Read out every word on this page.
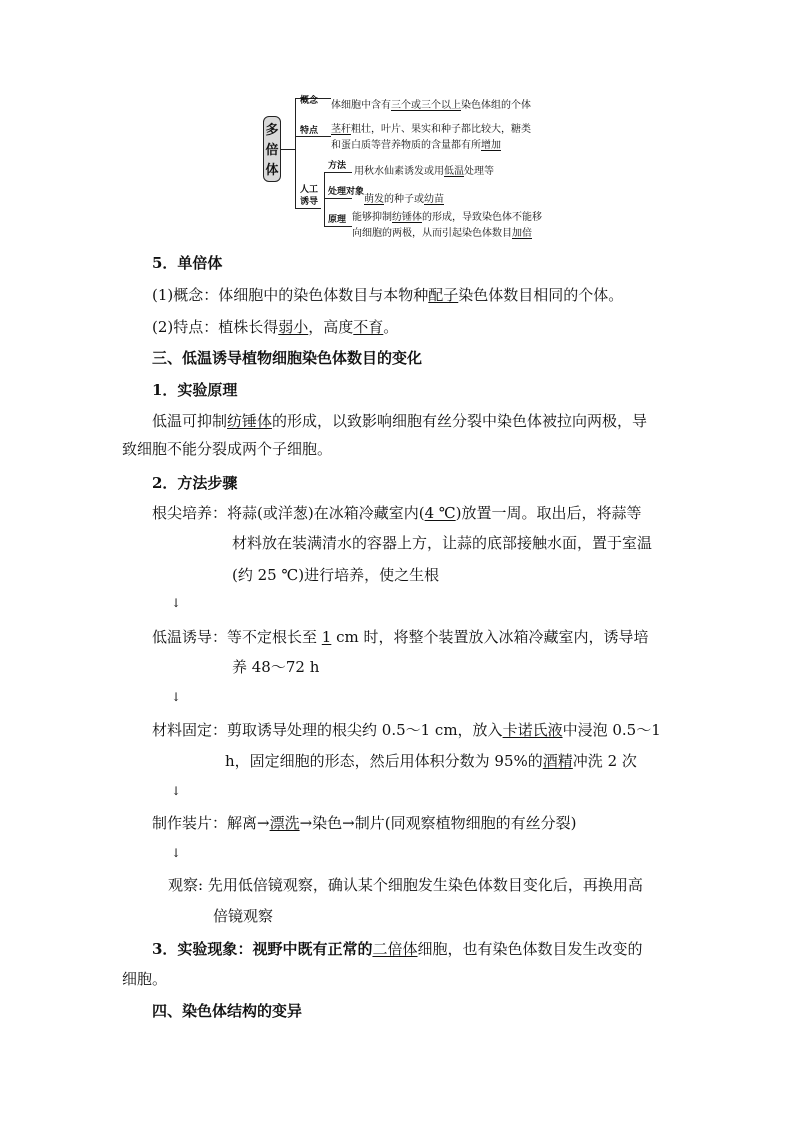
多
倍
体
概念 体细胞中含有三个或三个以上染色体组的个体
特点 茎秆粗壮，叶片、果实和种子都比较大，糖类
和蛋白质等营养物质的含量都有所增加
人工诱导
方法 用秋水仙素诱发或用低温处理等
处理对象
萌发的种子或幼苗
原理 能够抑制纺锤体的形成，导致染色体不能移
向细胞的两极，从而引起染色体数目加倍
5．单倍体
(1)概念：体细胞中的染色体数目与本物种配子染色体数目相同的个体。
(2)特点：植株长得弱小，高度不育。
三、低温诱导植物细胞染色体数目的变化
1．实验原理
低温可抑制纺锤体的形成，以致影响细胞有丝分裂中染色体被拉向两极，导
致细胞不能分裂成两个子细胞。
2．方法步骤
根尖培养：将蒜(或洋葱)在冰箱冷藏室内(4 ℃)放置一周。取出后，将蒜等
材料放在装满清水的容器上方，让蒜的底部接触水面，置于室温
(约 25 ℃)进行培养，使之生根
↓
低温诱导：等不定根长至 1 cm 时，将整个装置放入冰箱冷藏室内，诱导培
养 48～72 h
↓
材料固定：剪取诱导处理的根尖约 0.5～1 cm，放入卡诺氏液中浸泡 0.5～1
h，固定细胞的形态，然后用体积分数为 95%的酒精冲洗 2 次
↓
制作装片：解离→漂洗→染色→制片(同观察植物细胞的有丝分裂)
↓
观察: 先用低倍镜观察，确认某个细胞发生染色体数目变化后，再换用高
倍镜观察
3．实验现象：视野中既有正常的二倍体细胞，也有染色体数目发生改变的
细胞。
四、染色体结构的变异
